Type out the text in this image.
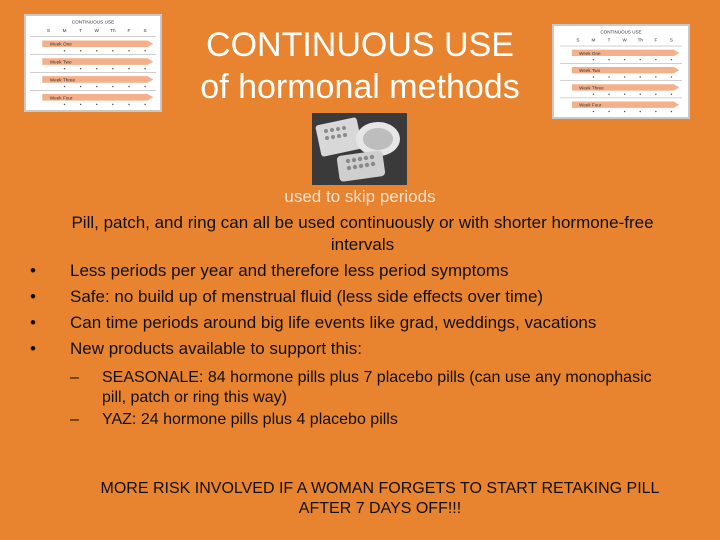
CONTINUOUS USE
of hormonal methods
CONTINUOUS USE
S	M	T W Th F	S
Week One
Week Two
Week Three
Week Four
CONTINUOUS USE
S M T W Th F	S
Week One
Week Two
Week Three
Week Four
used to skip periods
Pill, patch, and ring can all be used continuously or with shorter hormone-free intervals
• Less periods per year and therefore less period symptoms
• Safe: no build up of menstrual fluid (less side effects over time)
• Can time periods around big life events like grad, weddings, vacations
• New products available to support this:
– SEASONALE: 84 hormone pills plus 7 placebo pills (can use any monophasic pill, patch or ring this way)
– YAZ: 24 hormone pills plus 4 placebo pills
MORE RISK INVOLVED IF A WOMAN FORGETS TO START RETAKING PILL AFTER 7 DAYS OFF!!!
